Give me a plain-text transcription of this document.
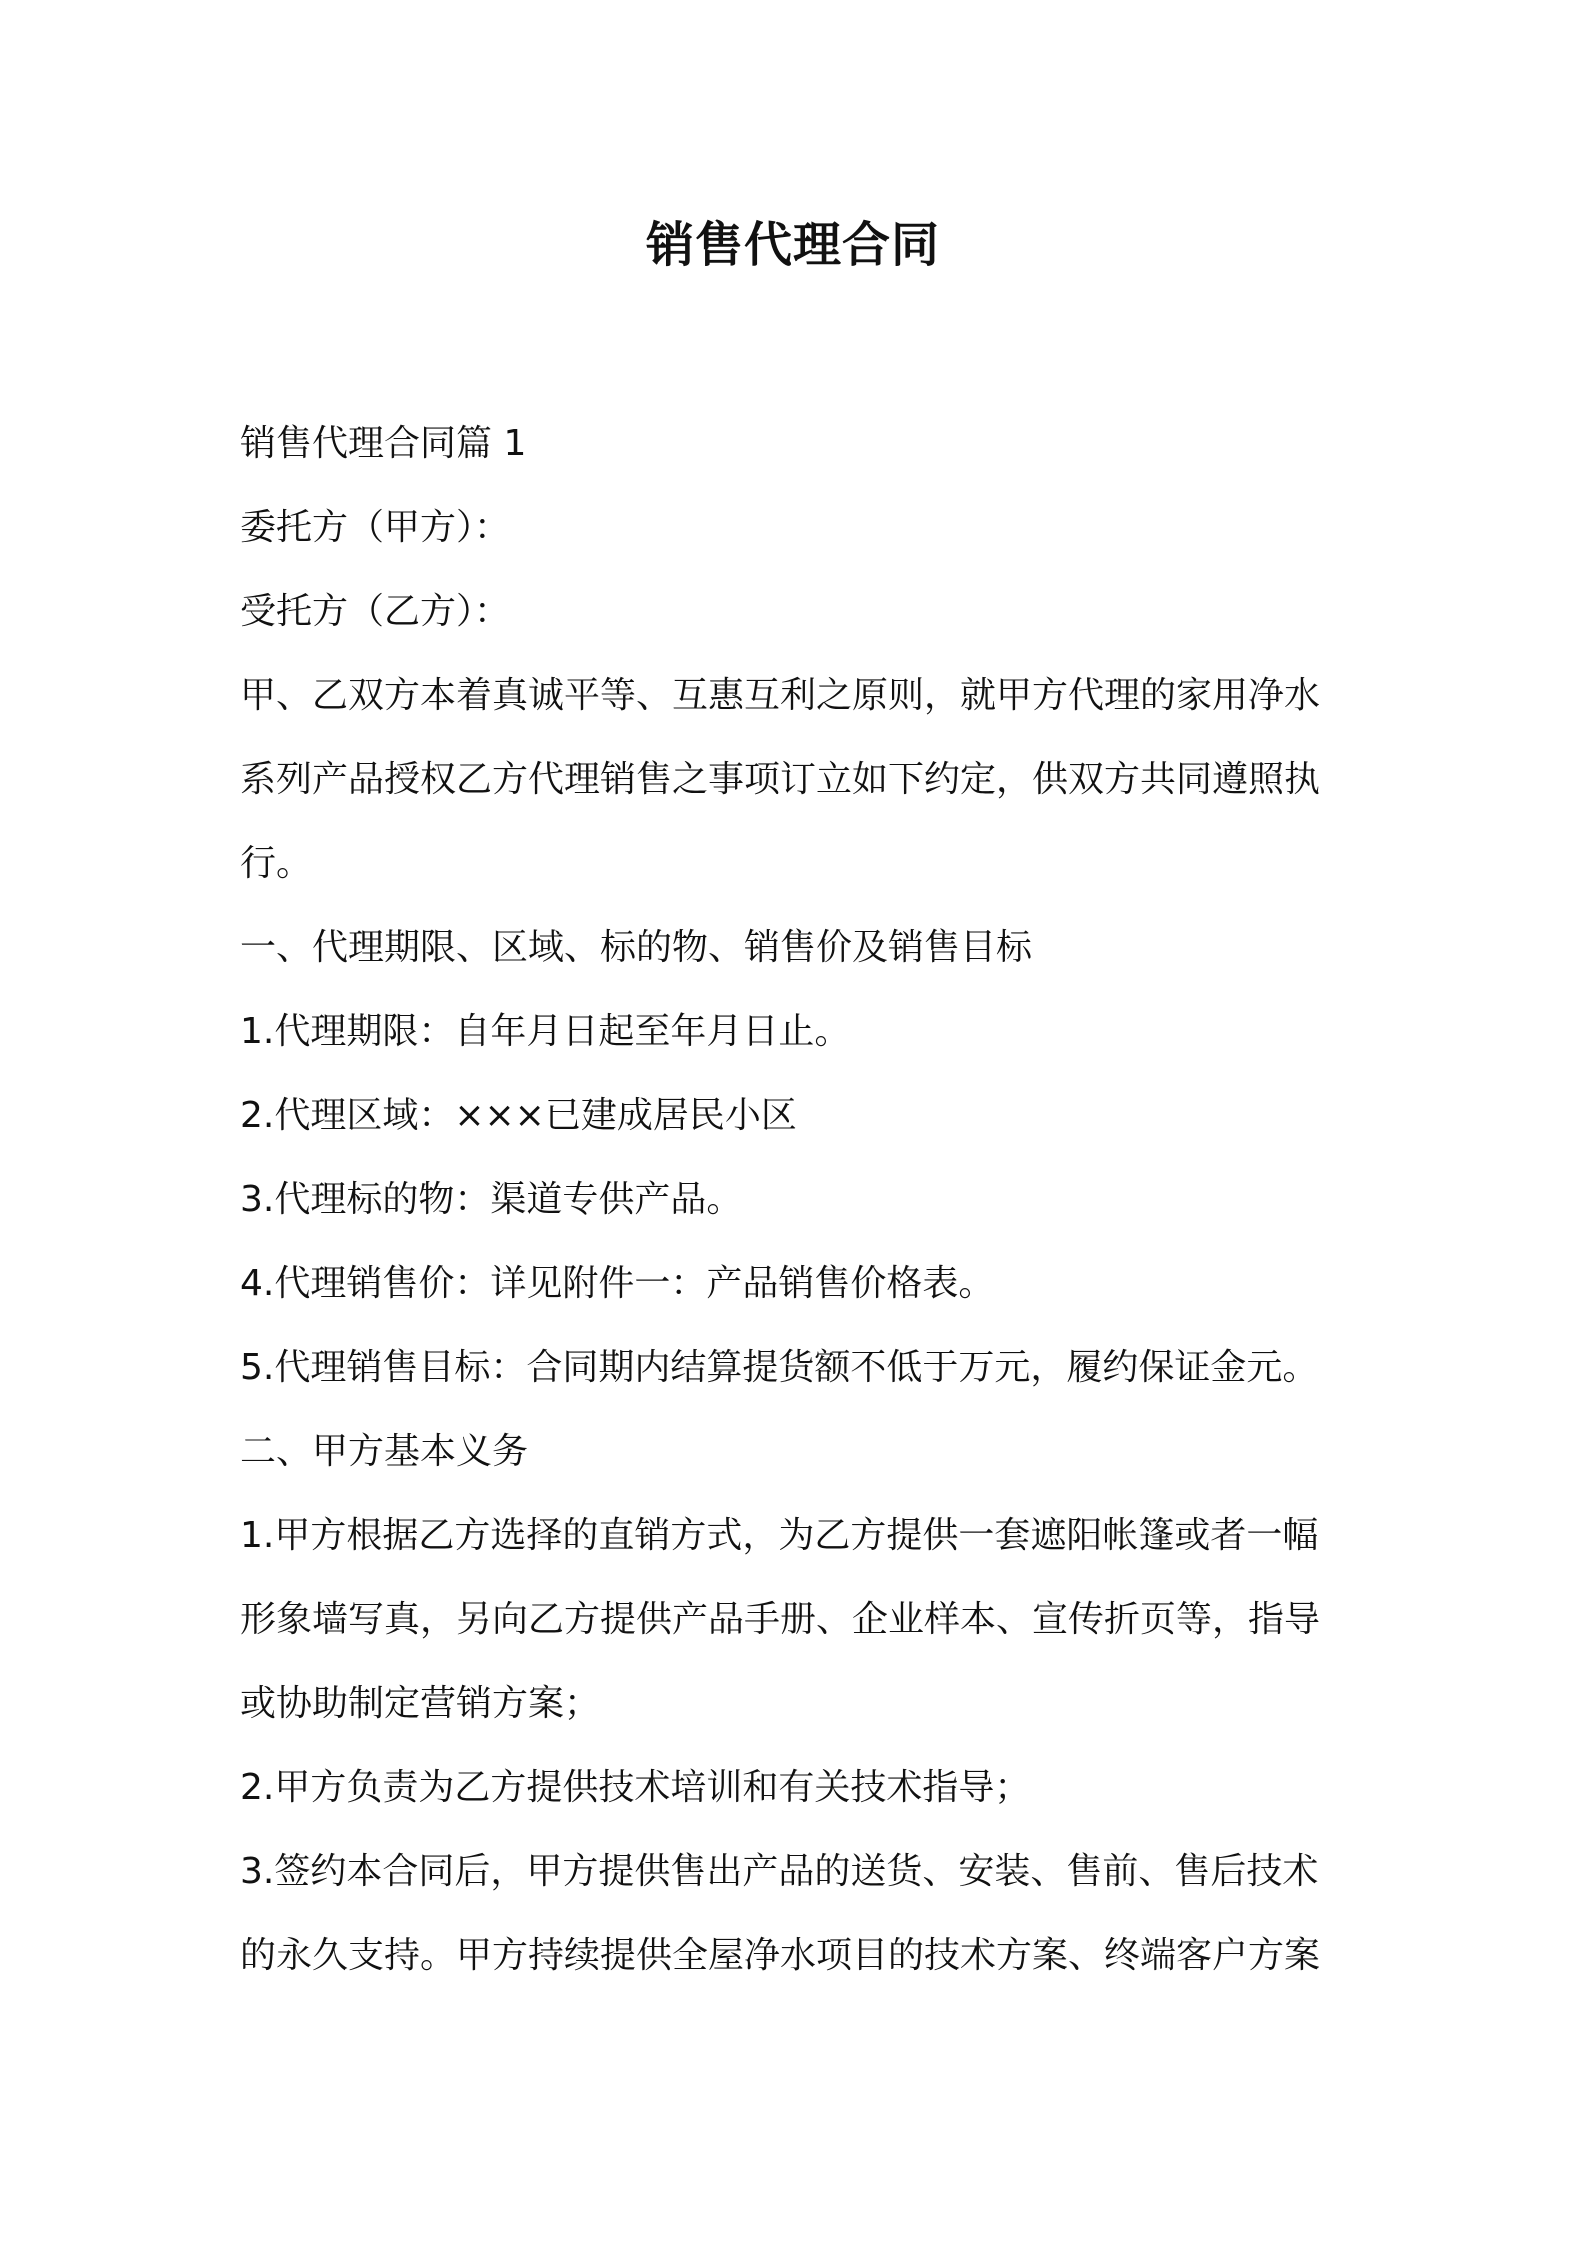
销售代理合同

销售代理合同篇 1

委托方（甲方）：

受托方（乙方）：

甲、乙双方本着真诚平等、互惠互利之原则，就甲方代理的家用净水

系列产品授权乙方代理销售之事项订立如下约定，供双方共同遵照执

行。

一、代理期限、区域、标的物、销售价及销售目标

1.代理期限：自年月日起至年月日止。

2.代理区域：×××已建成居民小区

3.代理标的物：渠道专供产品。

4.代理销售价：详见附件一：产品销售价格表。

5.代理销售目标：合同期内结算提货额不低于万元，履约保证金元。

二、甲方基本义务

1.甲方根据乙方选择的直销方式，为乙方提供一套遮阳帐篷或者一幅

形象墙写真，另向乙方提供产品手册、企业样本、宣传折页等，指导

或协助制定营销方案；

2.甲方负责为乙方提供技术培训和有关技术指导；

3.签约本合同后，甲方提供售出产品的送货、安装、售前、售后技术

的永久支持。甲方持续提供全屋净水项目的技术方案、终端客户方案
